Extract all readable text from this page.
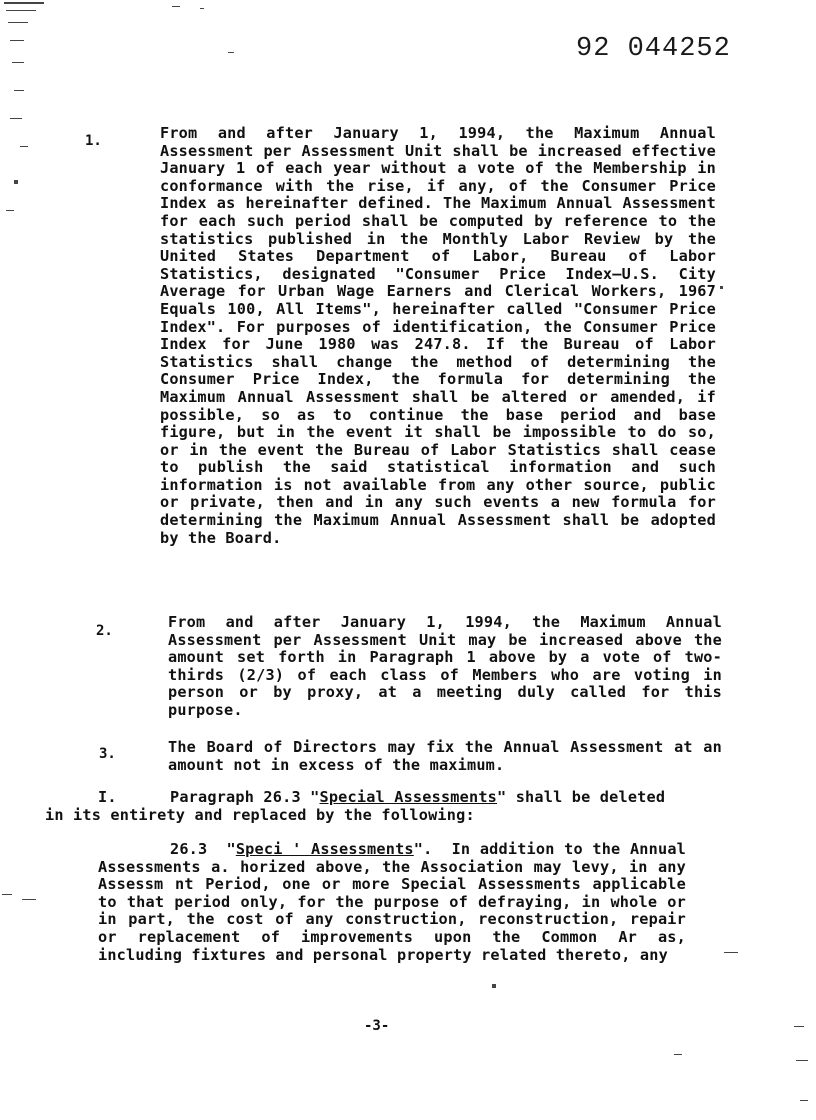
92 044252
1.	From and after January 1, 1994, the Maximum Annual Assessment per Assessment Unit shall be increased effective January 1 of each year without a vote of the Membership in conformance with the rise, if any, of the Consumer Price Index as hereinafter defined. The Maximum Annual Assessment for each such period shall be computed by reference to the statistics published in the Monthly Labor Review by the United States Department of Labor, Bureau of Labor Statistics, designated "Consumer Price Index—U.S. City Average for Urban Wage Earners and Clerical Workers, 1967 Equals 100, All Items", hereinafter called "Consumer Price Index". For purposes of identification, the Consumer Price Index for June 1980 was 247.8. If the Bureau of Labor Statistics shall change the method of determining the Consumer Price Index, the formula for determining the Maximum Annual Assessment shall be altered or amended, if possible, so as to continue the base period and base figure, but in the event it shall be impossible to do so, or in the event the Bureau of Labor Statistics shall cease to publish the said statistical information and such information is not available from any other source, public or private, then and in any such events a new formula for determining the Maximum Annual Assessment shall be adopted by the Board.

2.	From and after January 1, 1994, the Maximum Annual Assessment per Assessment Unit may be increased above the amount set forth in Paragraph 1 above by a vote of two-thirds (2/3) of each class of Members who are voting in person or by proxy, at a meeting duly called for this purpose.

3.	The Board of Directors may fix the Annual Assessment at an amount not in excess of the maximum.

I.	Paragraph 26.3 "Special Assessments" shall be deleted
in its entirety and replaced by the following:

26.3 "Speci ' Assessments". In addition to the Annual Assessments a. horized above, the Association may levy, in any Assessm nt Period, one or more Special Assessments applicable to that period only, for the purpose of defraying, in whole or in part, the cost of any construction, reconstruction, repair or replacement of improvements upon the Common Ar as, including fixtures and personal property related thereto, any

-3-
